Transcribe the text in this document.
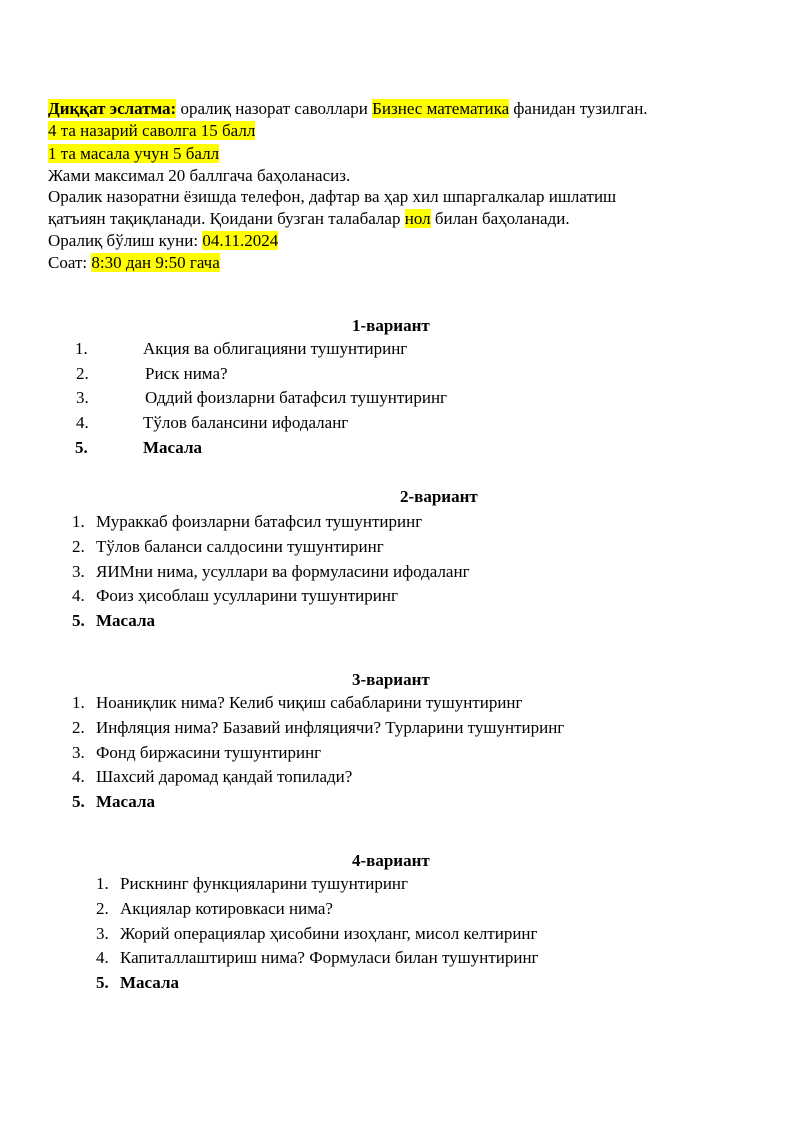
Диққат эслатма: оралиқ назорат саволлари Бизнес математика фанидан тузилган.
4 та назарий саволга 15 балл
1 та масала учун 5 балл
Жами максимал 20 баллгача баҳоланасиз.
Оралик назоратни ёзишда телефон, дафтар ва ҳар хил шпаргалкалар ишлатиш
қатъиян тақиқланади. Қоидани бузган талабалар нол билан баҳоланади.
Оралиқ бўлиш куни: 04.11.2024
Соат: 8:30 дан 9:50 гача
1-вариант
1.	Акция ва облигацияни тушунтиринг
2.	Риск нима?
3.	Оддий фоизларни батафсил тушунтиринг
4.	Тўлов балансини ифодаланг
5.	Масала
2-вариант
1. Мураккаб фоизларни батафсил тушунтиринг
2. Тўлов баланси салдосини тушунтиринг
3. ЯИМни нима, усуллари ва формуласини ифодаланг
4. Фоиз ҳисоблаш усулларини тушунтиринг
5. Масала
3-вариант
1. Ноаниқлик нима? Келиб чиқиш сабабларини тушунтиринг
2. Инфляция нима? Базавий инфляциячи? Турларини тушунтиринг
3. Фонд биржасини тушунтиринг
4. Шахсий даромад қандай топилади?
5. Масала
4-вариант
1. Рискнинг функцияларини тушунтиринг
2. Акциялар котировкаси нима?
3. Жорий операциялар ҳисобини изоҳланг, мисол келтиринг
4. Капиталлаштириш нима? Формуласи билан тушунтиринг
5. Масала
